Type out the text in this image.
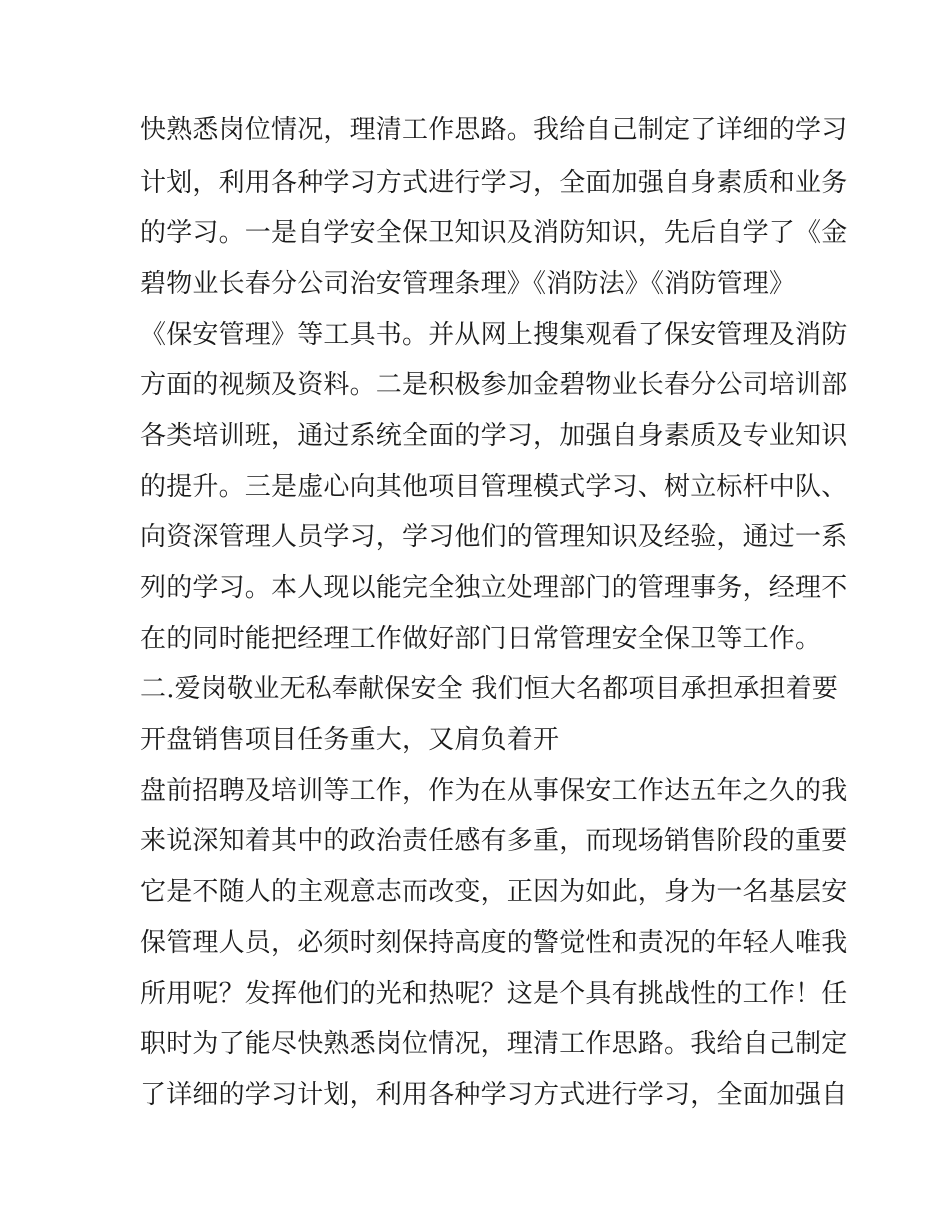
快熟悉岗位情况，理清工作思路。我给自己制定了详细的学习
计划，利用各种学习方式进行学习，全面加强自身素质和业务
的学习。一是自学安全保卫知识及消防知识，先后自学了《金
碧物业长春分公司治安管理条理》《消防法》《消防管理》
《保安管理》等工具书。并从网上搜集观看了保安管理及消防
方面的视频及资料。二是积极参加金碧物业长春分公司培训部
各类培训班，通过系统全面的学习，加强自身素质及专业知识
的提升。三是虚心向其他项目管理模式学习、树立标杆中队、
向资深管理人员学习，学习他们的管理知识及经验，通过一系
列的学习。本人现以能完全独立处理部门的管理事务，经理不
在的同时能把经理工作做好部门日常管理安全保卫等工作。
二.爱岗敬业无私奉献保安全 我们恒大名都项目承担承担着要
开盘销售项目任务重大，又肩负着开
盘前招聘及培训等工作，作为在从事保安工作达五年之久的我
来说深知着其中的政治责任感有多重，而现场销售阶段的重要
它是不随人的主观意志而改变，正因为如此，身为一名基层安
保管理人员，必须时刻保持高度的警觉性和责况的年轻人唯我
所用呢？发挥他们的光和热呢？这是个具有挑战性的工作！任
职时为了能尽快熟悉岗位情况，理清工作思路。我给自己制定
了详细的学习计划，利用各种学习方式进行学习，全面加强自
